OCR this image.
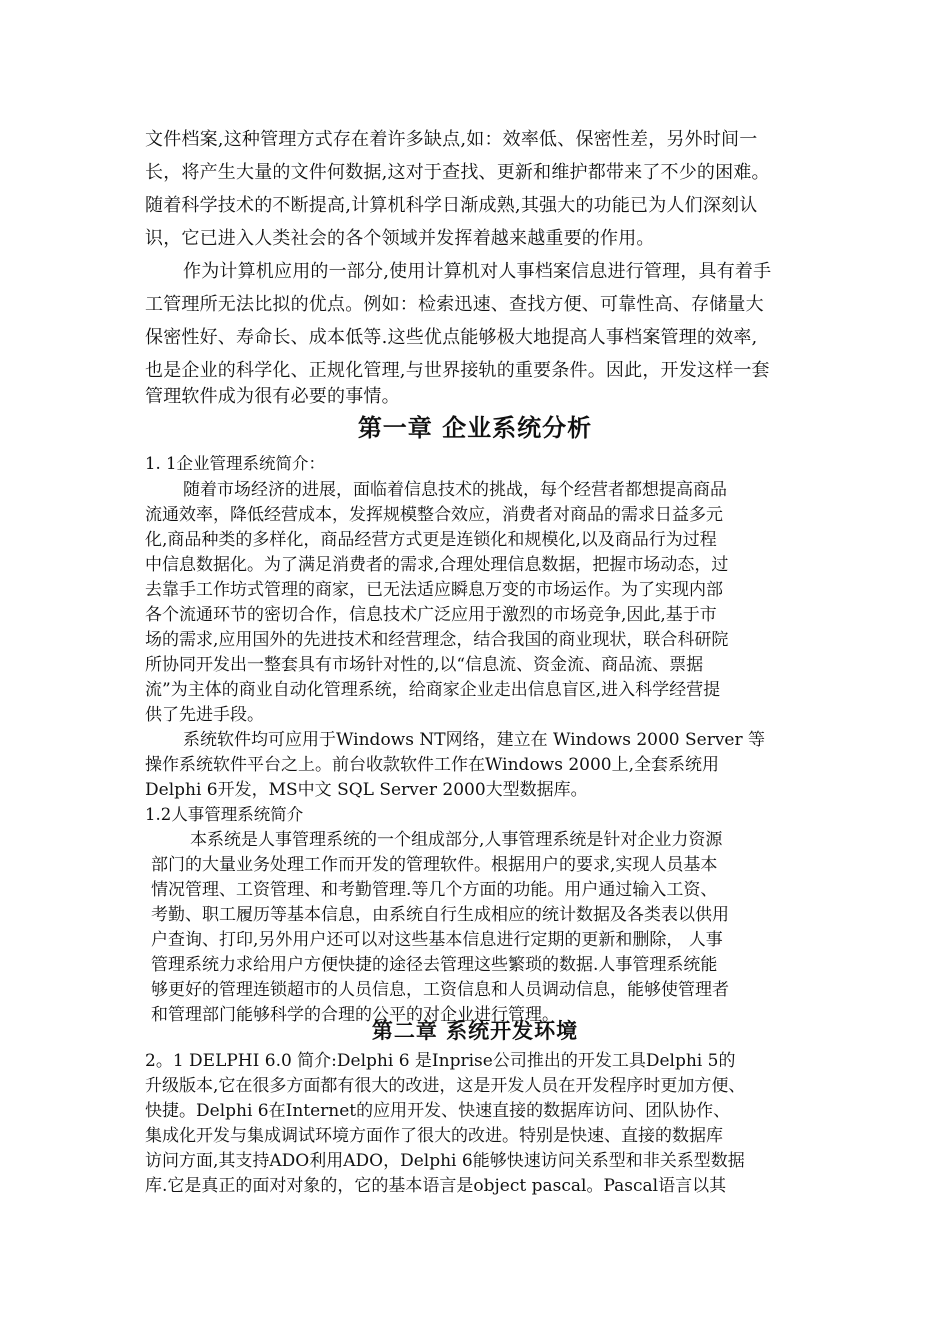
文件档案,这种管理方式存在着许多缺点,如：效率低、保密性差，另外时间一
长，将产生大量的文件何数据,这对于查找、更新和维护都带来了不少的困难。
随着科学技术的不断提高,计算机科学日渐成熟,其强大的功能已为人们深刻认
识，它已进入人类社会的各个领域并发挥着越来越重要的作用。
作为计算机应用的一部分,使用计算机对人事档案信息进行管理，具有着手
工管理所无法比拟的优点。例如：检索迅速、查找方便、可靠性高、存储量大
保密性好、寿命长、成本低等.这些优点能够极大地提高人事档案管理的效率,
也是企业的科学化、正规化管理,与世界接轨的重要条件。因此，开发这样一套
管理软件成为很有必要的事情。
第一章 企业系统分析
1. 1企业管理系统简介：
随着市场经济的进展，面临着信息技术的挑战，每个经营者都想提高商品
流通效率，降低经营成本，发挥规模整合效应，消费者对商品的需求日益多元
化,商品种类的多样化，商品经营方式更是连锁化和规模化,以及商品行为过程
中信息数据化。为了满足消费者的需求,合理处理信息数据，把握市场动态，过
去靠手工作坊式管理的商家，已无法适应瞬息万变的市场运作。为了实现内部
各个流通环节的密切合作，信息技术广泛应用于激烈的市场竞争,因此,基于市
场的需求,应用国外的先进技术和经营理念，结合我国的商业现状，联合科研院
所协同开发出一整套具有市场针对性的,以“信息流、资金流、商品流、票据
流”为主体的商业自动化管理系统，给商家企业走出信息盲区,进入科学经营提
供了先进手段。
系统软件均可应用于Windows NT网络，建立在 Windows 2000 Server 等
操作系统软件平台之上。前台收款软件工作在Windows 2000上,全套系统用
Delphi 6开发，MS中文 SQL Server 2000大型数据库。
1.2人事管理系统简介
本系统是人事管理系统的一个组成部分,人事管理系统是针对企业力资源
部门的大量业务处理工作而开发的管理软件。根据用户的要求,实现人员基本
情况管理、工资管理、和考勤管理.等几个方面的功能。用户通过输入工资、
考勤、职工履历等基本信息，由系统自行生成相应的统计数据及各类表以供用
户查询、打印,另外用户还可以对这些基本信息进行定期的更新和删除， 人事
管理系统力求给用户方便快捷的途径去管理这些繁琐的数据.人事管理系统能
够更好的管理连锁超市的人员信息，工资信息和人员调动信息，能够使管理者
和管理部门能够科学的合理的公平的对企业进行管理。
第二章 系统开发环境
2。1 DELPHI 6.0 简介:Delphi 6 是Inprise公司推出的开发工具Delphi 5的
升级版本,它在很多方面都有很大的改进，这是开发人员在开发程序时更加方便、
快捷。Delphi 6在Internet的应用开发、快速直接的数据库访问、团队协作、
集成化开发与集成调试环境方面作了很大的改进。特别是快速、直接的数据库
访问方面,其支持ADO利用ADO，Delphi 6能够快速访问关系型和非关系型数据
库.它是真正的面对对象的，它的基本语言是object pascal。Pascal语言以其
